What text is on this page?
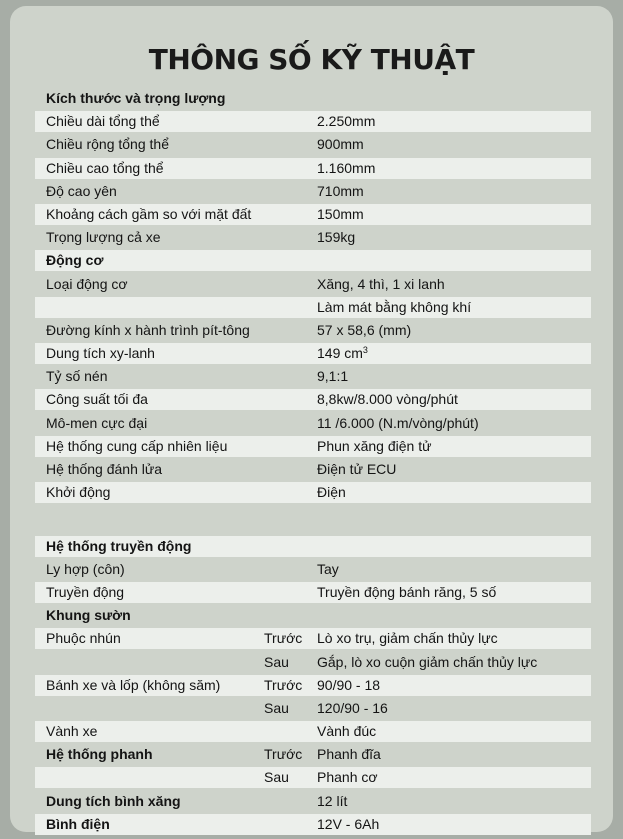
THÔNG SỐ KỸ THUẬT
Kích thước và trọng lượng
Chiều dài tổng thể	2.250mm
Chiều rộng tổng thể	900mm
Chiều cao tổng thể	1.160mm
Độ cao yên	710mm
Khoảng cách gầm so với mặt đất	150mm
Trọng lượng cả xe	159kg
Động cơ
Loại động cơ	Xăng, 4 thì, 1 xi lanh
Làm mát bằng không khí
Đường kính x hành trình pít-tông	57 x 58,6 (mm)
Dung tích xy-lanh	149 $cm^3$
Tỷ số nén	9,1:1
Công suất tối đa	8,8kw/8.000 vòng/phút
Mô-men cực đại	11 /6.000 (N.m/vòng/phút)
Hệ thống cung cấp nhiên liệu	Phun xăng điện tử
Hệ thống đánh lửa	Điện tử ECU
Khởi động	Điện
Hệ thống truyền động
Ly hợp (côn)	Tay
Truyền động	Truyền động bánh răng, 5 số
Khung sườn
Phuộc nhún	Trước Lò xo trụ, giảm chấn thủy lực
Sau Gắp, lò xo cuộn giảm chấn thủy lực
Bánh xe và lốp (không săm)	Trước 90/90 - 18
Sau 120/90 - 16
Vành xe	Vành đúc
Hệ thống phanh	Trước Phanh đĩa
Sau Phanh cơ
Dung tích bình xăng	12 lít
Bình điện	12V - 6Ah
